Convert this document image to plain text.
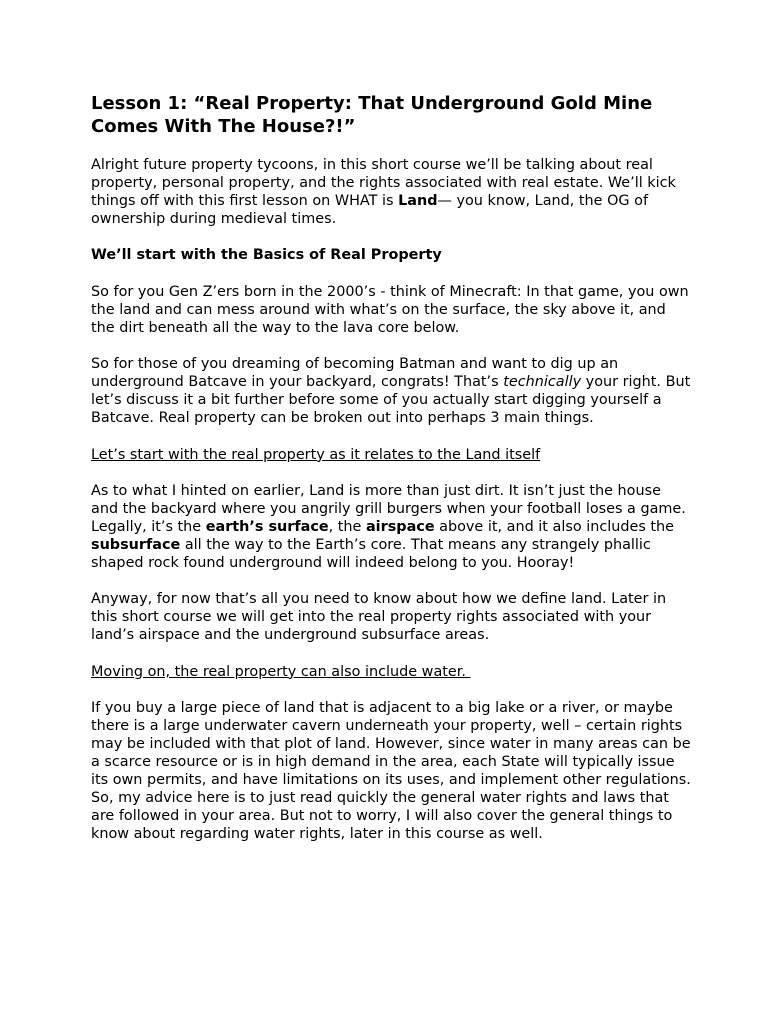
Lesson 1: “Real Property: That Underground Gold Mine Comes With The House?!”

Alright future property tycoons, in this short course we’ll be talking about real property, personal property, and the rights associated with real estate. We’ll kick things off with this first lesson on WHAT is Land— you know, Land, the OG of ownership during medieval times.

We’ll start with the Basics of Real Property

So for you Gen Z’ers born in the 2000’s - think of Minecraft: In that game, you own the land and can mess around with what’s on the surface, the sky above it, and the dirt beneath all the way to the lava core below.

So for those of you dreaming of becoming Batman and want to dig up an underground Batcave in your backyard, congrats! That’s technically your right. But let’s discuss it a bit further before some of you actually start digging yourself a Batcave. Real property can be broken out into perhaps 3 main things.

Let’s start with the real property as it relates to the Land itself

As to what I hinted on earlier, Land is more than just dirt. It isn’t just the house and the backyard where you angrily grill burgers when your football loses a game. Legally, it’s the earth’s surface, the airspace above it, and it also includes the subsurface all the way to the Earth’s core. That means any strangely phallic shaped rock found underground will indeed belong to you. Hooray!

Anyway, for now that’s all you need to know about how we define land. Later in this short course we will get into the real property rights associated with your land’s airspace and the underground subsurface areas.

Moving on, the real property can also include water.

If you buy a large piece of land that is adjacent to a big lake or a river, or maybe there is a large underwater cavern underneath your property, well – certain rights may be included with that plot of land. However, since water in many areas can be a scarce resource or is in high demand in the area, each State will typically issue its own permits, and have limitations on its uses, and implement other regulations. So, my advice here is to just read quickly the general water rights and laws that are followed in your area. But not to worry, I will also cover the general things to know about regarding water rights, later in this course as well.
